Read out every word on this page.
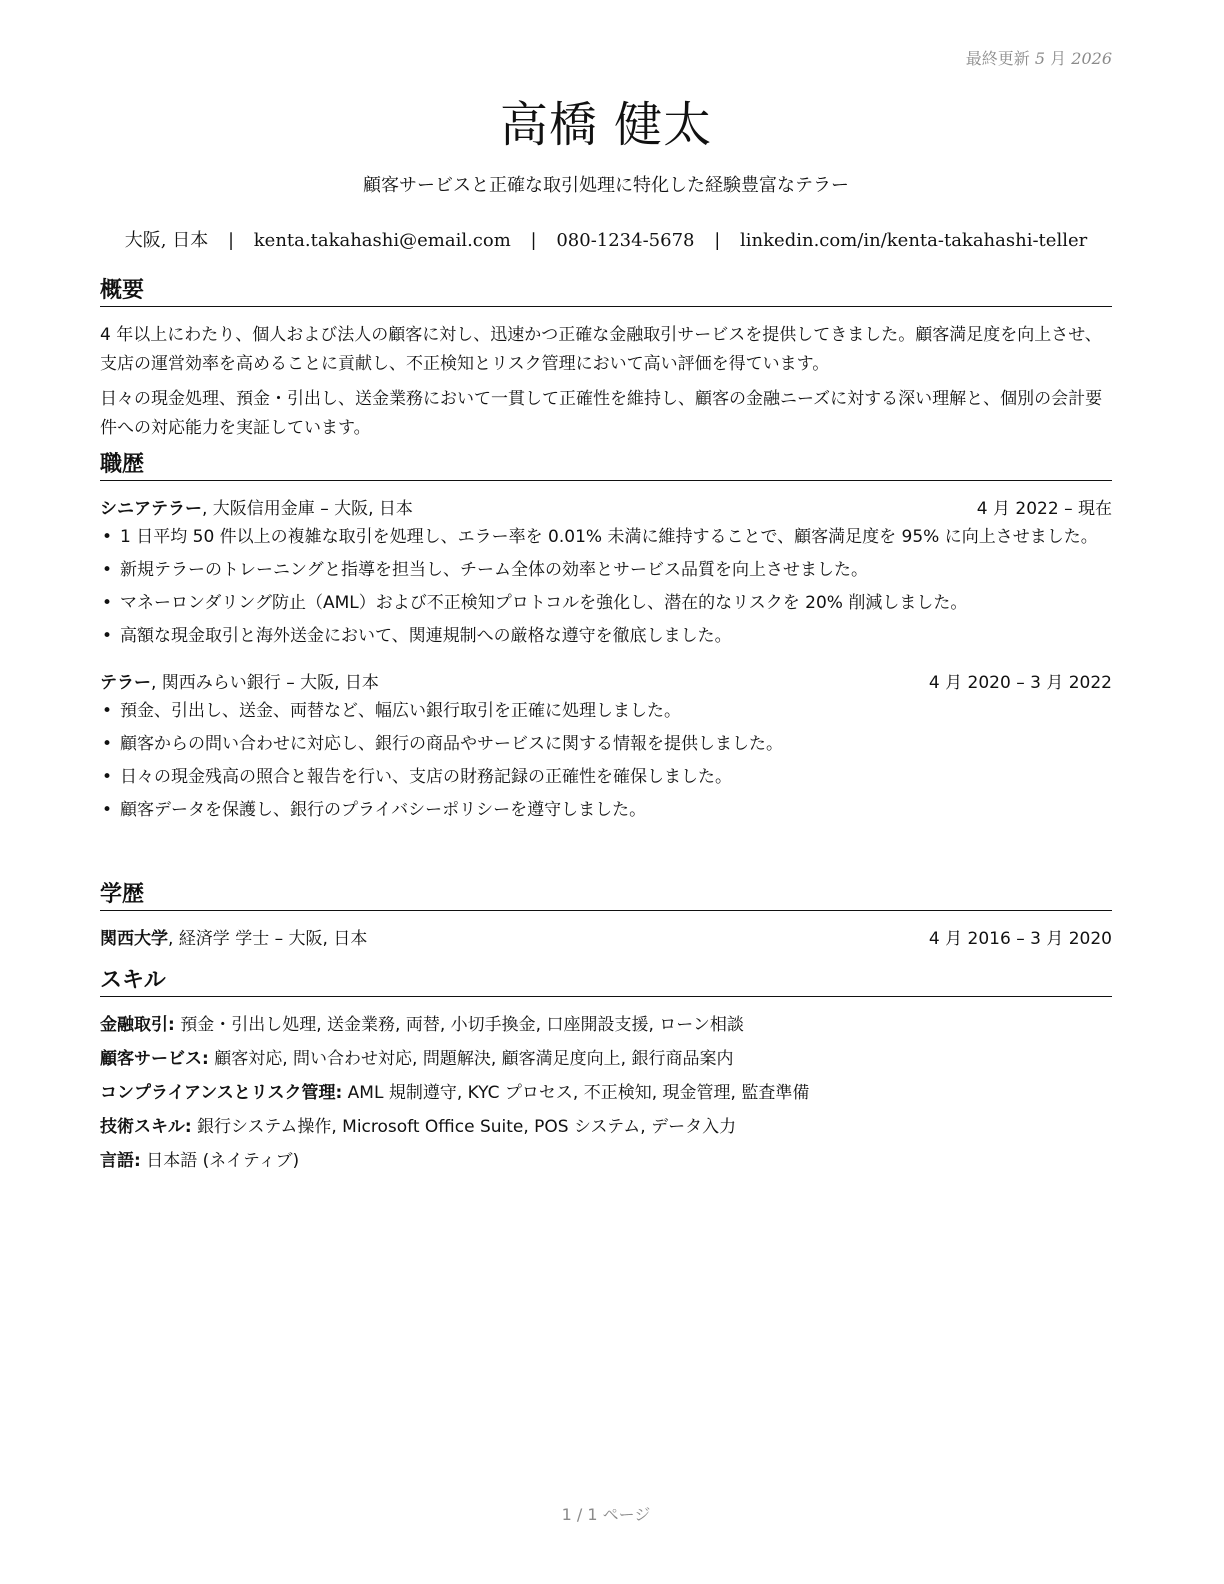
最終更新 5 月 2026
高橋 健太
顧客サービスと正確な取引処理に特化した経験豊富なテラー
大阪, 日本 | kenta.takahashi@email.com | 080-1234-5678 | linkedin.com/in/kenta-takahashi-teller
概要

4 年以上にわたり、個人および法人の顧客に対し、迅速かつ正確な金融取引サービスを提供してきました。顧客満足度を向上させ、支店の運営効率を高めることに貢献し、不正検知とリスク管理において高い評価を得ています。

日々の現金処理、預金・引出し、送金業務において一貫して正確性を維持し、顧客の金融ニーズに対する深い理解と、個別の会計要件への対応能力を実証しています。

職歴
シニアテラー, 大阪信用金庫 – 大阪, 日本	4 月 2022 – 現在
• 1 日平均 50 件以上の複雑な取引を処理し、エラー率を 0.01% 未満に維持することで、顧客満足度を 95% に向上させました。
• 新規テラーのトレーニングと指導を担当し、チーム全体の効率とサービス品質を向上させました。
• マネーロンダリング防止（AML）および不正検知プロトコルを強化し、潜在的なリスクを 20% 削減しました。
• 高額な現金取引と海外送金において、関連規制への厳格な遵守を徹底しました。
テラー, 関西みらい銀行 – 大阪, 日本	4 月 2020 – 3 月 2022
• 預金、引出し、送金、両替など、幅広い銀行取引を正確に処理しました。
• 顧客からの問い合わせに対応し、銀行の商品やサービスに関する情報を提供しました。
• 日々の現金残高の照合と報告を行い、支店の財務記録の正確性を確保しました。
• 顧客データを保護し、銀行のプライバシーポリシーを遵守しました。
学歴
関西大学, 経済学 学士 – 大阪, 日本	4 月 2016 – 3 月 2020
スキル
金融取引: 預金・引出し処理, 送金業務, 両替, 小切手換金, 口座開設支援, ローン相談
顧客サービス: 顧客対応, 問い合わせ対応, 問題解決, 顧客満足度向上, 銀行商品案内
コンプライアンスとリスク管理: AML 規制遵守, KYC プロセス, 不正検知, 現金管理, 監査準備
技術スキル: 銀行システム操作, Microsoft Office Suite, POS システム, データ入力
言語: 日本語 (ネイティブ)
1 / 1 ページ
